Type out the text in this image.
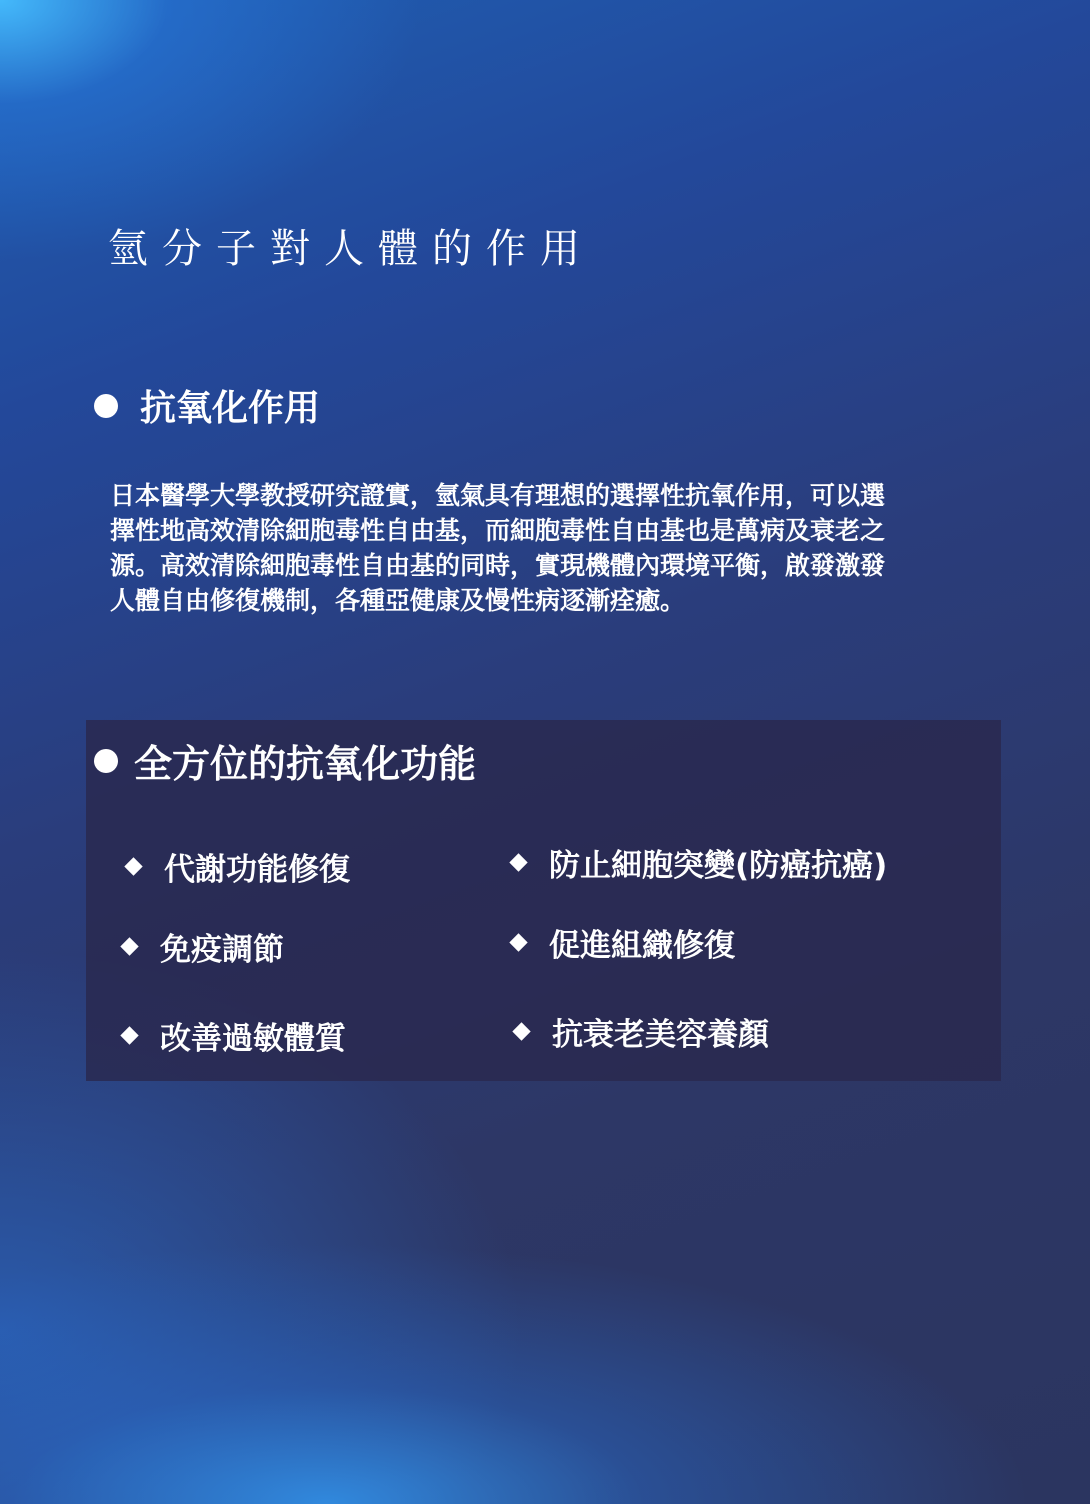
氫分子對人體的作用
抗氧化作用
日本醫學大學教授研究證實，氫氣具有理想的選擇性抗氧作用，可以選
擇性地高效清除細胞毒性自由基，而細胞毒性自由基也是萬病及衰老之
源。高效清除細胞毒性自由基的同時，實現機體內環境平衡，啟發激發
人體自由修復機制，各種亞健康及慢性病逐漸痊癒。
全方位的抗氧化功能
代謝功能修復	防止細胞突變(防癌抗癌)
免疫調節	促進組織修復
改善過敏體質	抗衰老美容養顏
